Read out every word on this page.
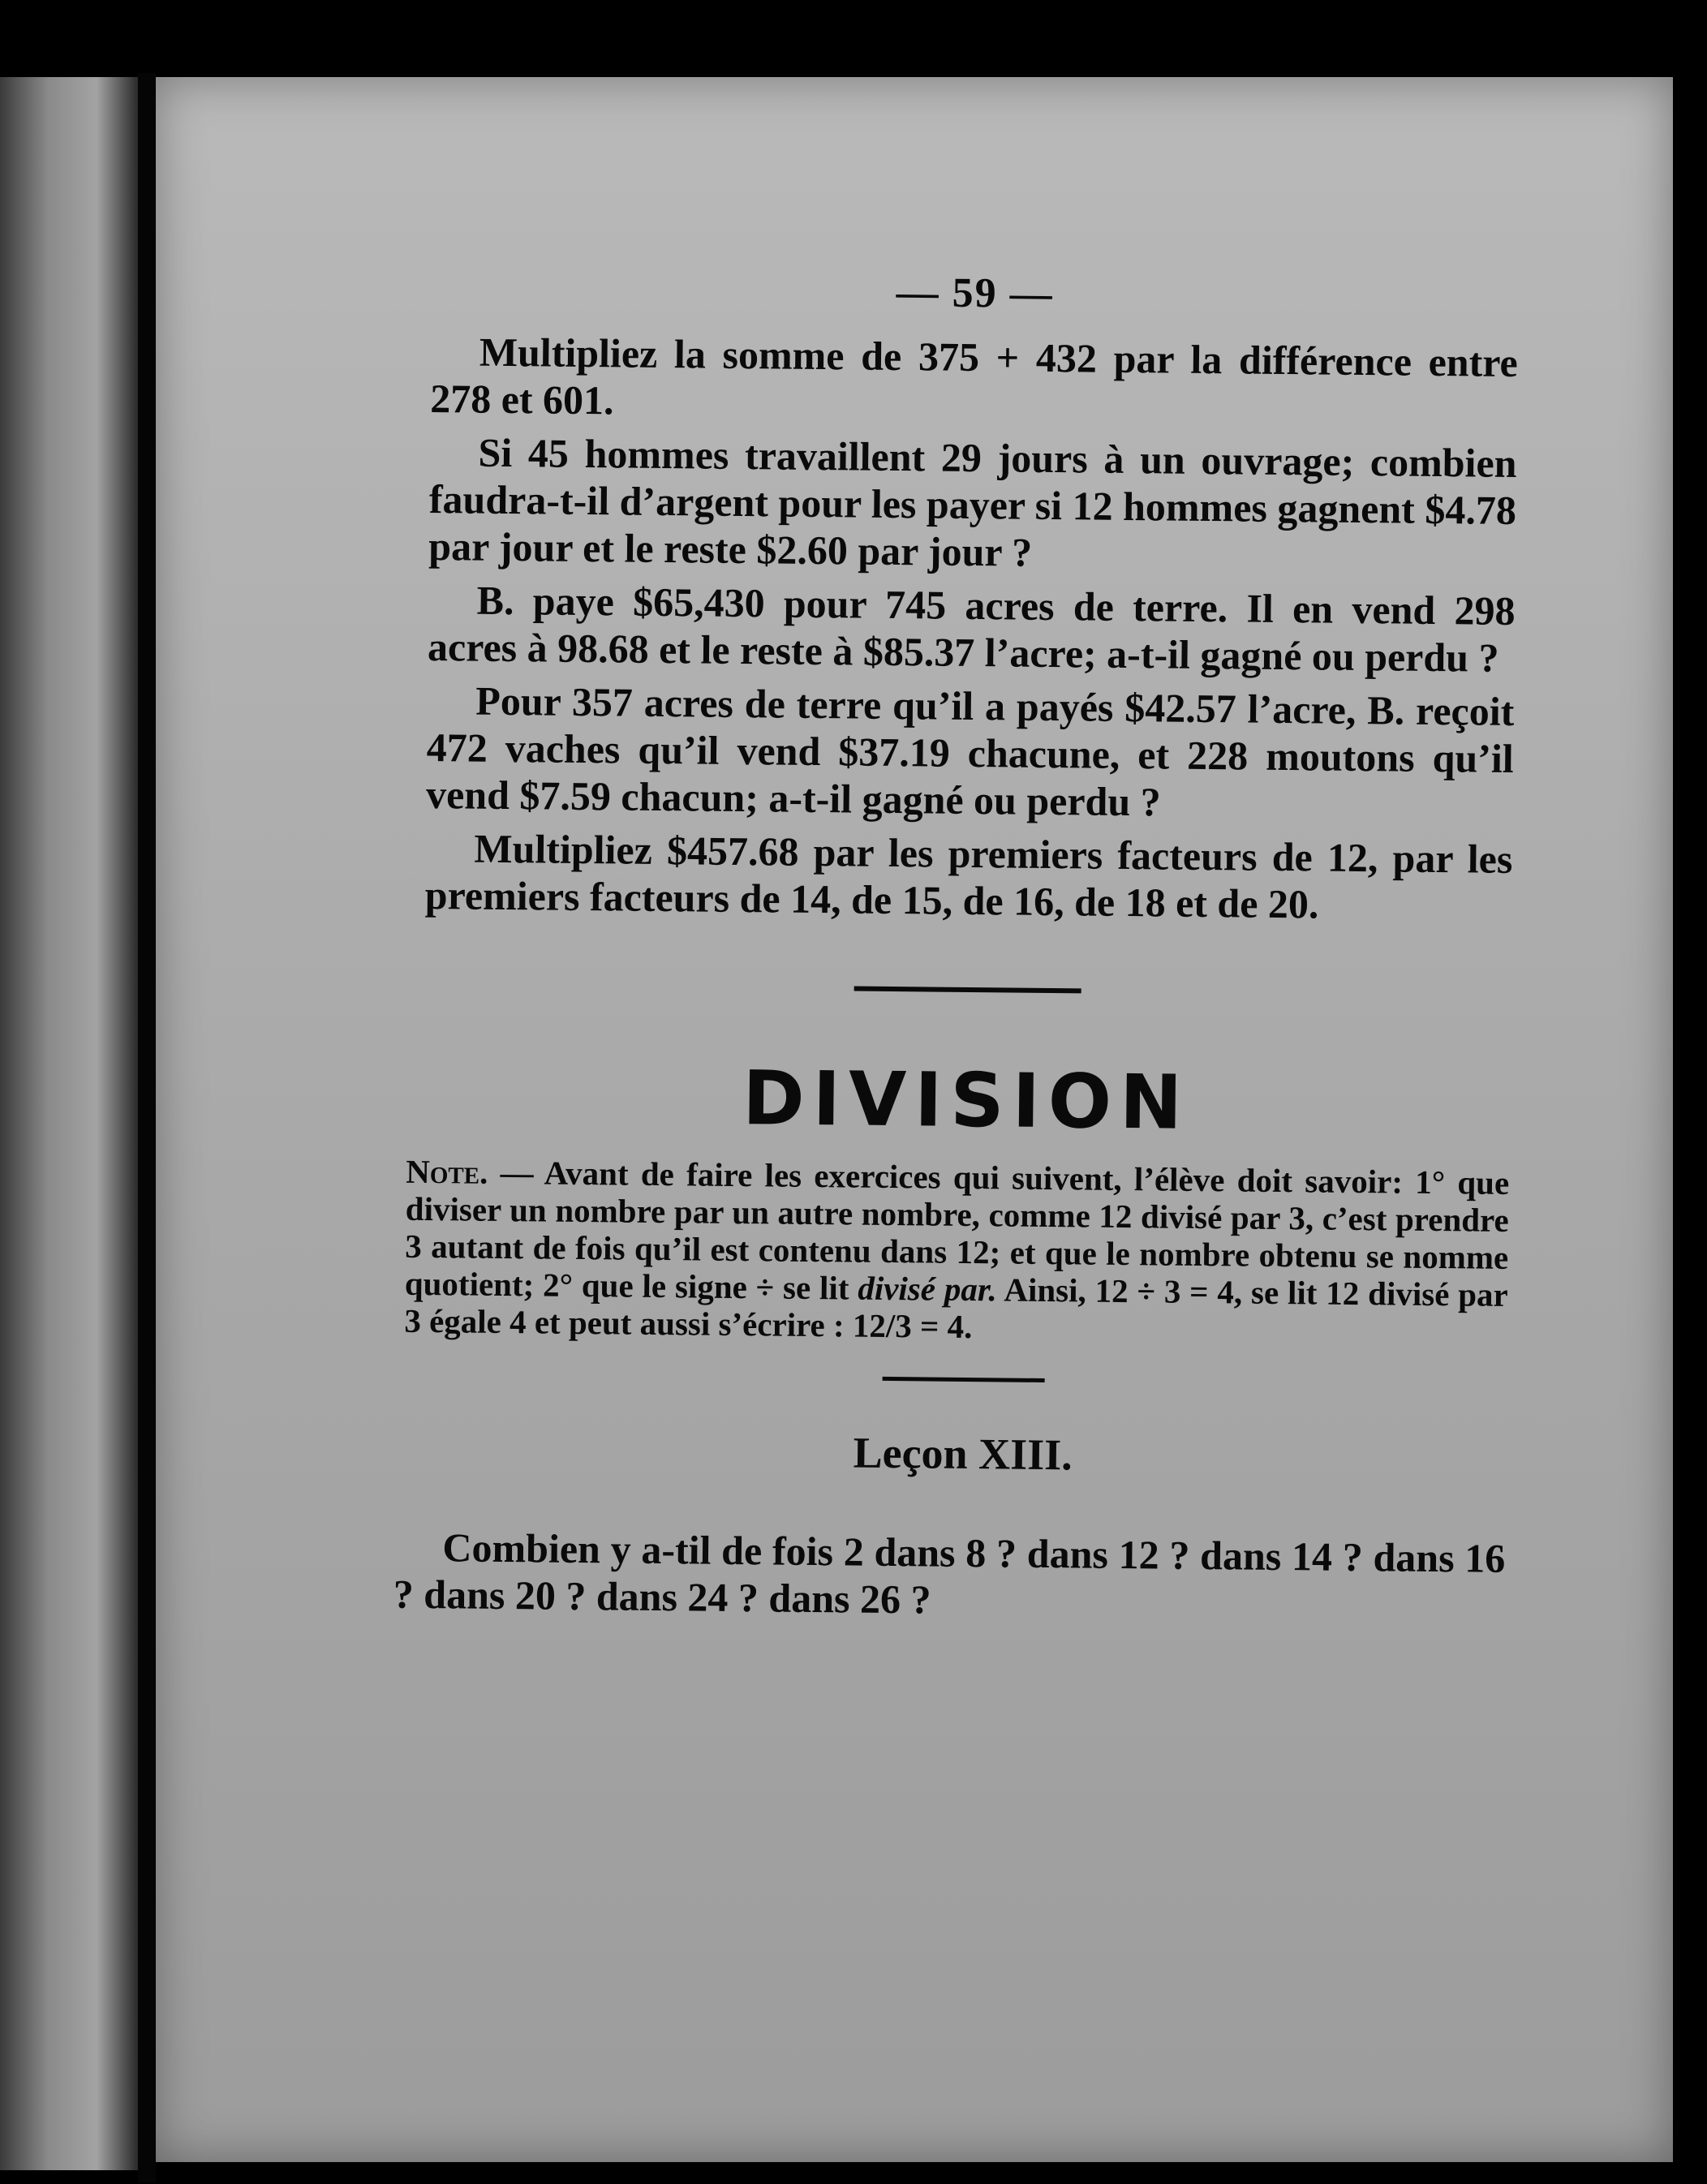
— 59 —

Multipliez la somme de 375 + 432 par la différence entre 278 et 601.

Si 45 hommes travaillent 29 jours à un ouvrage; combien faudra-t-il d’argent pour les payer si 12 hommes gagnent $4.78 par jour et le reste $2.60 par jour ?

B. paye $65,430 pour 745 acres de terre. Il en vend 298 acres à 98.68 et le reste à $85.37 l’acre; a-t-il gagné ou perdu ?

Pour 357 acres de terre qu’il a payés $42.57 l’acre, B. reçoit 472 vaches qu’il vend $37.19 chacune, et 228 moutons qu’il vend $7.59 chacun; a-t-il gagné ou perdu ?

Multipliez $457.68 par les premiers facteurs de 12, par les premiers facteurs de 14, de 15, de 16, de 18 et de 20.

DIVISION

Note. — Avant de faire les exercices qui suivent, l’élève doit savoir: 1° que diviser un nombre par un autre nombre, comme 12 divisé par 3, c’est prendre 3 autant de fois qu’il est contenu dans 12; et que le nombre obtenu se nomme quotient; 2° que le signe ÷ se lit divisé par. Ainsi, 12 ÷ 3 = 4, se lit 12 divisé par 3 égale 4 et peut aussi s’écrire : 12/3 = 4.

Leçon XIII.

Combien y a-til de fois 2 dans 8 ? dans 12 ? dans 14 ? dans 16 ? dans 20 ? dans 24 ? dans 26 ?
